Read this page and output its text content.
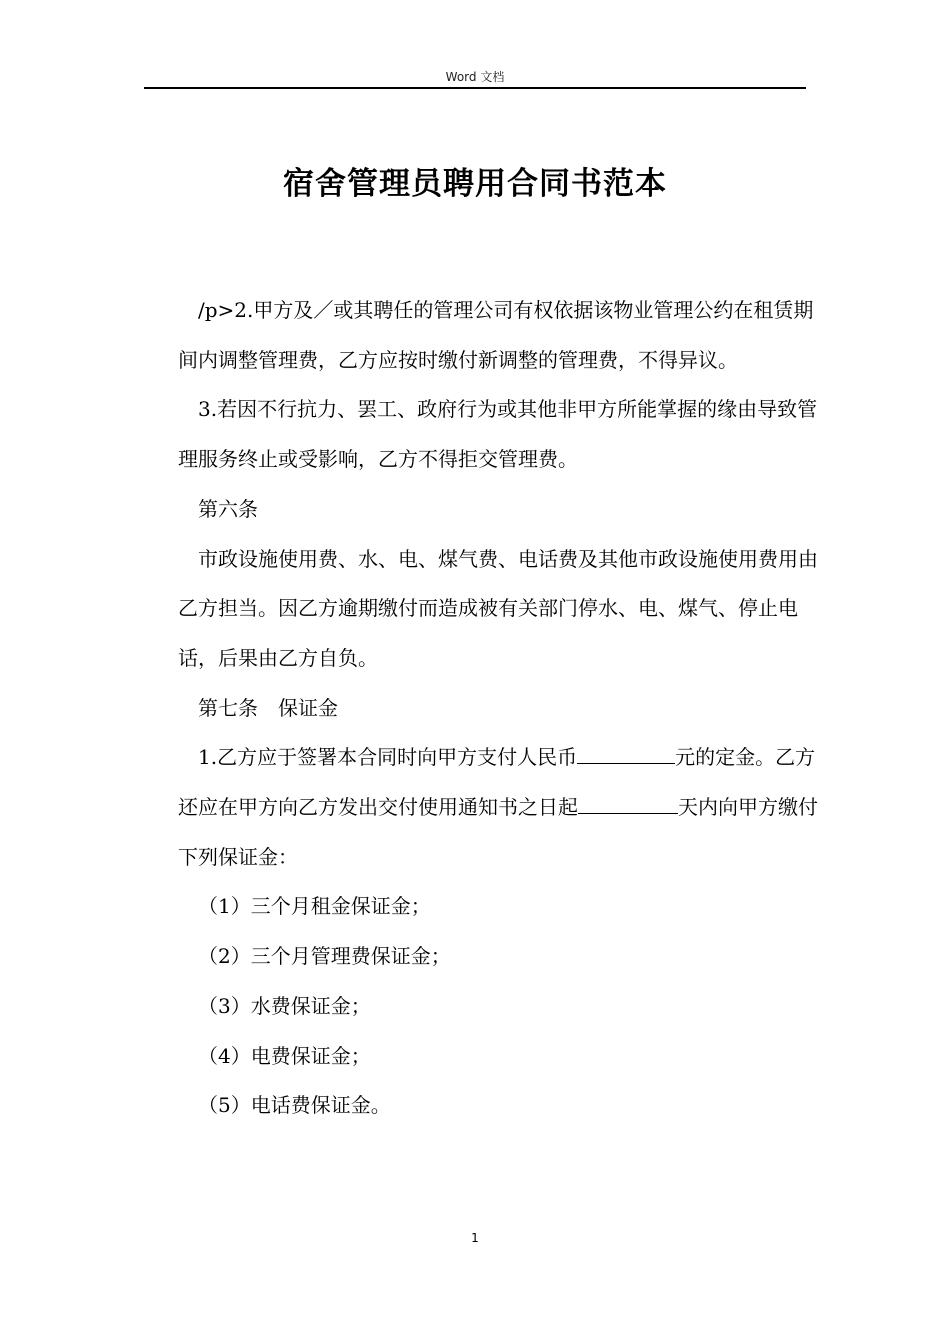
Word 文档
宿舍管理员聘用合同书范本

/p>2.甲方及／或其聘任的管理公司有权依据该物业管理公约在租赁期间内调整管理费，乙方应按时缴付新调整的管理费，不得异议。

3.若因不行抗力、罢工、政府行为或其他非甲方所能掌握的缘由导致管理服务终止或受影响，乙方不得拒交管理费。

第六条

市政设施使用费、水、电、煤气费、电话费及其他市政设施使用费用由乙方担当。因乙方逾期缴付而造成被有关部门停水、电、煤气、停止电话，后果由乙方自负。

第七条　保证金

1.乙方应于签署本合同时向甲方支付人民币	元的定金。乙方还应在甲方向乙方发出交付使用通知书之日起	天内向甲方缴付下列保证金：

（1）三个月租金保证金；

（2）三个月管理费保证金；

（3）水费保证金；

（4）电费保证金；

（5）电话费保证金。

1
